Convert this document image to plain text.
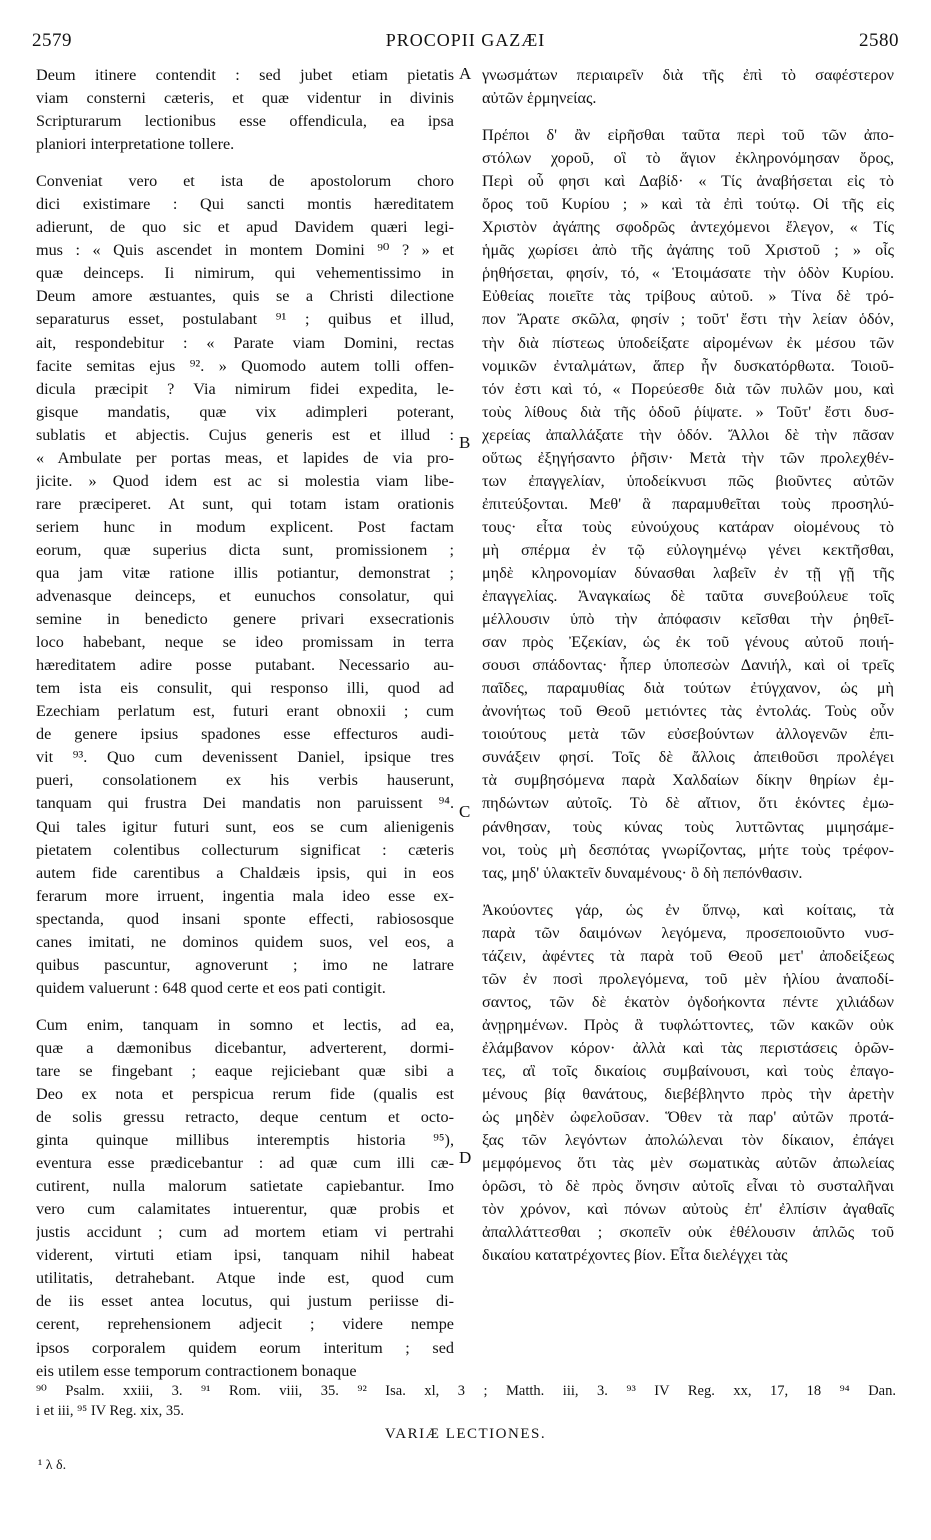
2579	PROCOPII GAZÆI	2580
Deum itinere contendit : sed jubet etiam pietatis
viam consterni cæteris, et quæ videntur in divinis
Scripturarum lectionibus esse offendicula, ea ipsa
planiori interpretatione tollere.
Conveniat vero et ista de apostolorum choro
dici existimare : Qui sancti montis hæreditatem
adierunt, de quo sic et apud Davidem quæri legi-
mus : « Quis ascendet in montem Domini ⁹⁰ ? » et
quæ deinceps. Ii nimirum, qui vehementissimo in
Deum amore æstuantes, quis se a Christi dilectione
separaturus esset, postulabant ⁹¹ ; quibus et illud,
ait, respondebitur : « Parate viam Domini, rectas
facite semitas ejus ⁹². » Quomodo autem tolli offen-
dicula præcipit ? Via nimirum fidei expedita, le-
gisque mandatis, quæ vix adimpleri poterant,
sublatis et abjectis. Cujus generis est et illud :
« Ambulate per portas meas, et lapides de via pro-
jicite. » Quod idem est ac si molestia viam libe-
rare præciperet. At sunt, qui totam istam orationis
seriem hunc in modum explicent. Post factam
eorum, quæ superius dicta sunt, promissionem ;
qua jam vitæ ratione illis potiantur, demonstrat ;
advenasque deinceps, et eunuchos consolatur, qui
semine in benedicto genere privari exsecrationis
loco habebant, neque se ideo promissam in terra
hæreditatem adire posse putabant. Necessario au-
tem ista eis consulit, qui responso illi, quod ad
Ezechiam perlatum est, futuri erant obnoxii ; cum
de genere ipsius spadones esse effecturos audi-
vit ⁹³. Quo cum devenissent Daniel, ipsique tres
pueri, consolationem ex his verbis hauserunt,
tanquam qui frustra Dei mandatis non paruissent ⁹⁴.
Qui tales igitur futuri sunt, eos se cum alienigenis
pietatem colentibus collecturum significat : cæteris
autem fide carentibus a Chaldæis ipsis, qui in eos
ferarum more irruent, ingentia mala ideo esse ex-
spectanda, quod insani sponte effecti, rabiososque
canes imitati, ne dominos quidem suos, vel eos, a
quibus pascuntur, agnoverunt ; imo ne latrare
quidem valuerunt : 648 quod certe et eos pati contigit.
Cum enim, tanquam in somno et lectis, ad ea,
quæ a dæmonibus dicebantur, adverterent, dormi-
tare se fingebant ; eaque rejiciebant quæ sibi a
Deo ex nota et perspicua rerum fide (qualis est
de solis gressu retracto, deque centum et octo-
ginta quinque millibus interemptis historia ⁹⁵),
eventura esse prædicebantur : ad quæ cum illi cæ-
cutirent, nulla malorum satietate capiebantur. Imo
vero cum calamitates intuerentur, quæ probis et
justis accidunt ; cum ad mortem etiam vi pertrahi
viderent, virtuti etiam ipsi, tanquam nihil habeat
utilitatis, detrahebant. Atque inde est, quod cum
de iis esset antea locutus, qui justum periisse di-
cerent, reprehensionem adjecit ; videre nempe
ipsos corporalem quidem eorum interitum ; sed
eis utilem esse temporum contractionem bonaque
γνωσμάτων περιαιρεῖν διὰ τῆς ἐπὶ τὸ σαφέστερον
αὐτῶν ἑρμηνείας.
Πρέποι δ' ἂν εἰρῆσθαι ταῦτα περὶ τοῦ τῶν ἀπο-
στόλων χοροῦ, οἳ τὸ ἅγιον ἐκληρονόμησαν ὄρος,
Περὶ οὗ φησι καὶ Δαβίδ· « Τίς ἀναβήσεται εἰς τὸ
ὄρος τοῦ Κυρίου ; » καὶ τὰ ἐπὶ τούτῳ. Οἱ τῆς εἰς
Χριστὸν ἀγάπης σφοδρῶς ἀντεχόμενοι ἔλεγον, « Τίς
ἡμᾶς χωρίσει ἀπὸ τῆς ἀγάπης τοῦ Χριστοῦ ; » οἷς
ῥηθήσεται, φησίν, τό, « Ἑτοιμάσατε τὴν ὁδὸν Κυρίου.
Εὐθείας ποιεῖτε τὰς τρίβους αὐτοῦ. » Τίνα δὲ τρό-
πον Ἄρατε σκῶλα, φησίν ; τοῦτ' ἔστι τὴν λείαν ὁδόν,
τὴν διὰ πίστεως ὑποδείξατε αἰρομένων ἐκ μέσου τῶν
νομικῶν ἐνταλμάτων, ἅπερ ἦν δυσκατόρθωτα. Τοιοῦ-
τόν ἐστι καὶ τό, « Πορεύεσθε διὰ τῶν πυλῶν μου, καὶ
τοὺς λίθους διὰ τῆς ὁδοῦ ῥίψατε. » Τοῦτ' ἔστι δυσ-
χερείας ἀπαλλάξατε τὴν ὁδόν. Ἄλλοι δὲ τὴν πᾶσαν
οὕτως ἐξηγήσαντο ῥῆσιν· Μετὰ τὴν τῶν προλεχθέν-
των ἐπαγγελίαν, ὑποδείκνυσι πῶς βιοῦντες αὐτῶν
ἐπιτεύξονται. Μεθ' ἃ παραμυθεῖται τοὺς προσηλύ-
τους· εἶτα τοὺς εὐνούχους κατάραν οἰομένους τὸ
μὴ σπέρμα ἐν τῷ εὐλογημένῳ γένει κεκτῆσθαι,
μηδὲ κληρονομίαν δύνασθαι λαβεῖν ἐν τῇ γῇ τῆς
ἐπαγγελίας. Ἀναγκαίως δὲ ταῦτα συνεβούλευε τοῖς
μέλλουσιν ὑπὸ τὴν ἀπόφασιν κεῖσθαι τὴν ῥηθεῖ-
σαν πρὸς Ἐζεκίαν, ὡς ἐκ τοῦ γένους αὐτοῦ ποιή-
σουσι σπάδοντας· ἧπερ ὑποπεσὼν Δανιήλ, καὶ οἱ τρεῖς
παῖδες, παραμυθίας διὰ τούτων ἐτύγχανον, ὡς μὴ
ἀνονήτως τοῦ Θεοῦ μετιόντες τὰς ἐντολάς. Τοὺς οὖν
τοιούτους μετὰ τῶν εὐσεβούντων ἀλλογενῶν ἐπι-
συνάξειν φησί. Τοῖς δὲ ἄλλοις ἀπειθοῦσι προλέγει
τὰ συμβησόμενα παρὰ Χαλδαίων δίκην θηρίων ἐμ-
πηδώντων αὐτοῖς. Τὸ δὲ αἴτιον, ὅτι ἑκόντες ἐμω-
ράνθησαν, τοὺς κύνας τοὺς λυττῶντας μιμησάμε-
νοι, τοὺς μὴ δεσπότας γνωρίζοντας, μήτε τοὺς τρέφον-
τας, μηδ' ὑλακτεῖν δυναμένους· ὃ δὴ πεπόνθασιν.
Ἀκούοντες γάρ, ὡς ἐν ὕπνῳ, καὶ κοίταις, τὰ
παρὰ τῶν δαιμόνων λεγόμενα, προσεποιοῦντο νυσ-
τάζειν, ἀφέντες τὰ παρὰ τοῦ Θεοῦ μετ' ἀποδείξεως
τῶν ἐν ποσὶ προλεγόμενα, τοῦ μὲν ἡλίου ἀναποδί-
σαντος, τῶν δὲ ἑκατὸν ὀγδοήκοντα πέντε χιλιάδων
ἀνῃρημένων. Πρὸς ἃ τυφλώττοντες, τῶν κακῶν οὐκ
ἐλάμβανον κόρον· ἀλλὰ καὶ τὰς περιστάσεις ὁρῶν-
τες, αἳ τοῖς δικαίοις συμβαίνουσι, καὶ τοὺς ἐπαγο-
μένους βίᾳ θανάτους, διεβέβληντο πρὸς τὴν ἀρετὴν
ὡς μηδὲν ὠφελοῦσαν. Ὅθεν τὰ παρ' αὐτῶν προτά-
ξας τῶν λεγόντων ἀπολώλεναι τὸν δίκαιον, ἐπάγει
μεμφόμενος ὅτι τὰς μὲν σωματικὰς αὐτῶν ἀπωλείας
ὁρῶσι, τὸ δὲ πρὸς ὄνησιν αὐτοῖς εἶναι τὸ συσταλῆναι
τὸν χρόνον, καὶ πόνων αὐτοὺς ἐπ' ἐλπίσιν ἀγαθαῖς
ἀπαλλάττεσθαι ; σκοπεῖν οὐκ ἐθέλουσιν ἁπλῶς τοῦ
δικαίου κατατρέχοντες βίον. Εἶτα διελέγχει τὰς
A
B
C
D
⁹⁰ Psalm. xxiii, 3. ⁹¹ Rom. viii, 35. ⁹² Isa. xl, 3 ; Matth. iii, 3. ⁹³ IV Reg. xx, 17, 18 ⁹⁴ Dan.
i et iii, ⁹⁵ IV Reg. xix, 35.
VARIÆ LECTIONES.
¹ λ δ.
